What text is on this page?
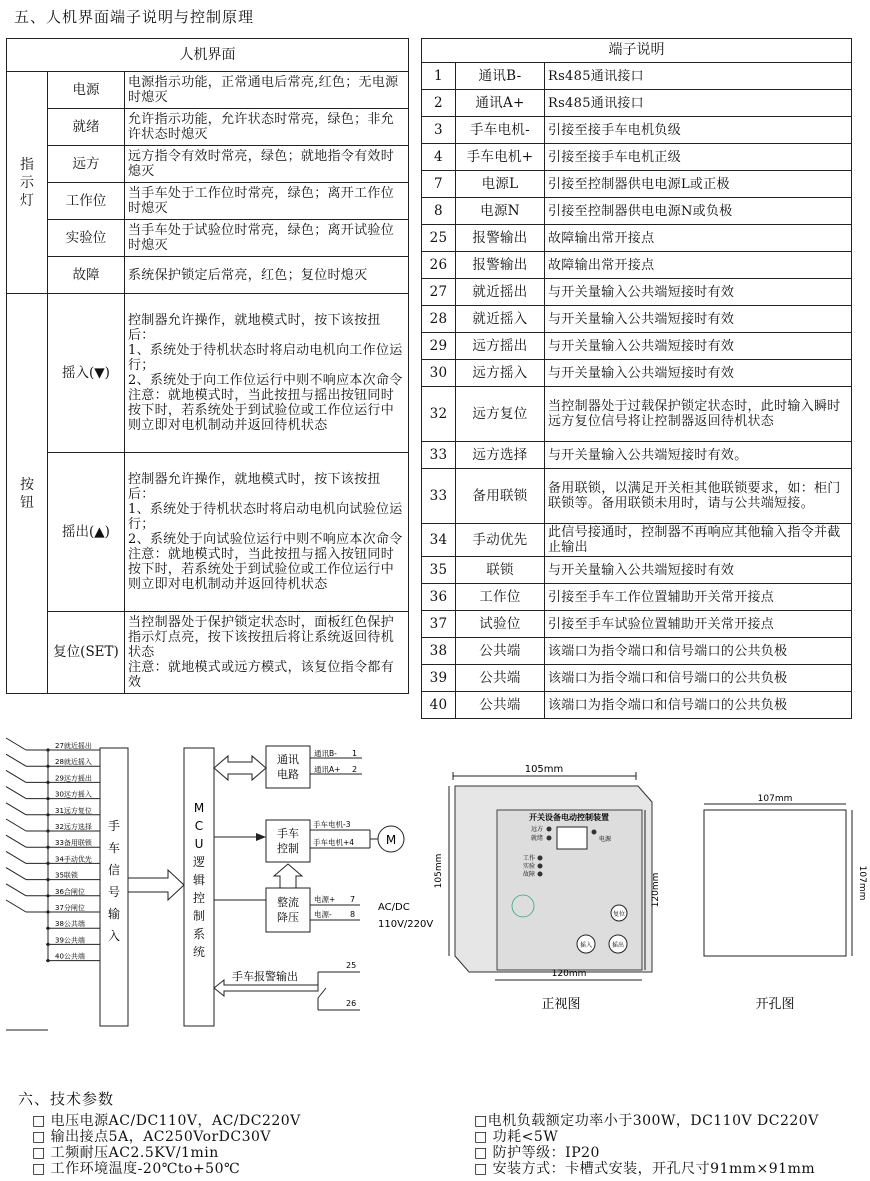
五、人机界面端子说明与控制原理
人机界面		
指示灯	电源	电源指示功能，正常通电后常亮,红色；无电源时熄灭
	就绪	允许指示功能，允许状态时常亮，绿色；非允许状态时熄灭
	远方	远方指令有效时常亮，绿色；就地指令有效时熄灭
	工作位	当手车处于工作位时常亮，绿色；离开工作位时熄灭
	实验位	当手车处于试验位时常亮，绿色；离开试验位时熄灭
	故障	系统保护锁定后常亮，红色；复位时熄灭
按钮	摇入(▼)	控制器允许操作，就地模式时，按下该按扭后：
1、系统处于待机状态时将启动电机向工作位运行；
2、系统处于向工作位运行中则不响应本次命令
注意：就地模式时，当此按扭与摇出按钮同时按下时，若系统处于到试验位或工作位运行中则立即对电机制动并返回待机状态
	摇出(▲)	控制器允许操作，就地模式时，按下该按扭后：
1、系统处于待机状态时将启动电机向试验位运行；
2、系统处于向试验位运行中则不响应本次命令
注意：就地模式时，当此按扭与摇入按钮同时按下时，若系统处于到试验位或工作位运行中则立即对电机制动并返回待机状态
	复位(SET)	当控制器处于保护锁定状态时，面板红色保护指示灯点亮，按下该按扭后将让系统返回待机状态
注意：就地模式或远方模式，该复位指令都有效
端子说明		
1	通讯B-	Rs485通讯接口
2	通讯A+	Rs485通讯接口
3	手车电机-	引接至接手车电机负级
4	手车电机+	引接至接手车电机正级
7	电源L	引接至控制器供电电源L或正极
8	电源N	引接至控制器供电电源N或负极
25	报警输出	故障输出常开接点
26	报警输出	故障输出常开接点
27	就近摇出	与开关量输入公共端短接时有效
28	就近摇入	与开关量输入公共端短接时有效
29	远方摇出	与开关量输入公共端短接时有效
30	远方摇入	与开关量输入公共端短接时有效
32	远方复位	当控制器处于过载保护锁定状态时，此时输入瞬时远方复位信号将让控制器返回待机状态
33	远方选择	与开关量输入公共端短接时有效。
33	备用联锁	备用联锁，以满足开关柜其他联锁要求，如：柜门联锁等。备用联锁未用时，请与公共端短接。
34	手动优先	此信号接通时，控制器不再响应其他输入指令并截止输出
35	联锁	与开关量输入公共端短接时有效
36	工作位	引接至手车工作位置辅助开关常开接点
37	试验位	引接至手车试验位置辅助开关常开接点
38	公共端	该端口为指令端口和信号端口的公共负极
39	公共端	该端口为指令端口和信号端口的公共负极
40	公共端	该端口为指令端口和信号端口的公共负极
27就近摇出
28就近摇入
29远方摇出
30远方摇入
31远方复位
32远方选择
33备用联锁
34手动优先
35联锁
36合闸位
37分闸位
38公共端
39公共端
40公共端
手
车
信
号
输
入
M
C
U
逻
辑
控
制
系
统
通讯
电路
手车
控制
整流
降压
通讯B-
通讯A+
1
2
手车电机-3
手车电机+4	M
电源+
电源-
7
8
AC/DC
110V/220V
手车报警输出
25
26
105mm
开关设备电动控制装置
远方
就绪	电源
工作
实验
故障
复位
摇入	摇出
105mm
120mm
120mm
正视图
107mm
107mm
开孔图
六、技术参数
□ 电压电源AC/DC110V，AC/DC220V
□ 输出接点5A，AC250VorDC30V
□ 工频耐压AC2.5KV/1min
□ 工作环境温度-20℃to+50℃
□电机负载额定功率小于300W，DC110V DC220V
□ 功耗<5W
□ 防护等级：IP20
□ 安装方式：卡槽式安装，开孔尺寸91mm×91mm
